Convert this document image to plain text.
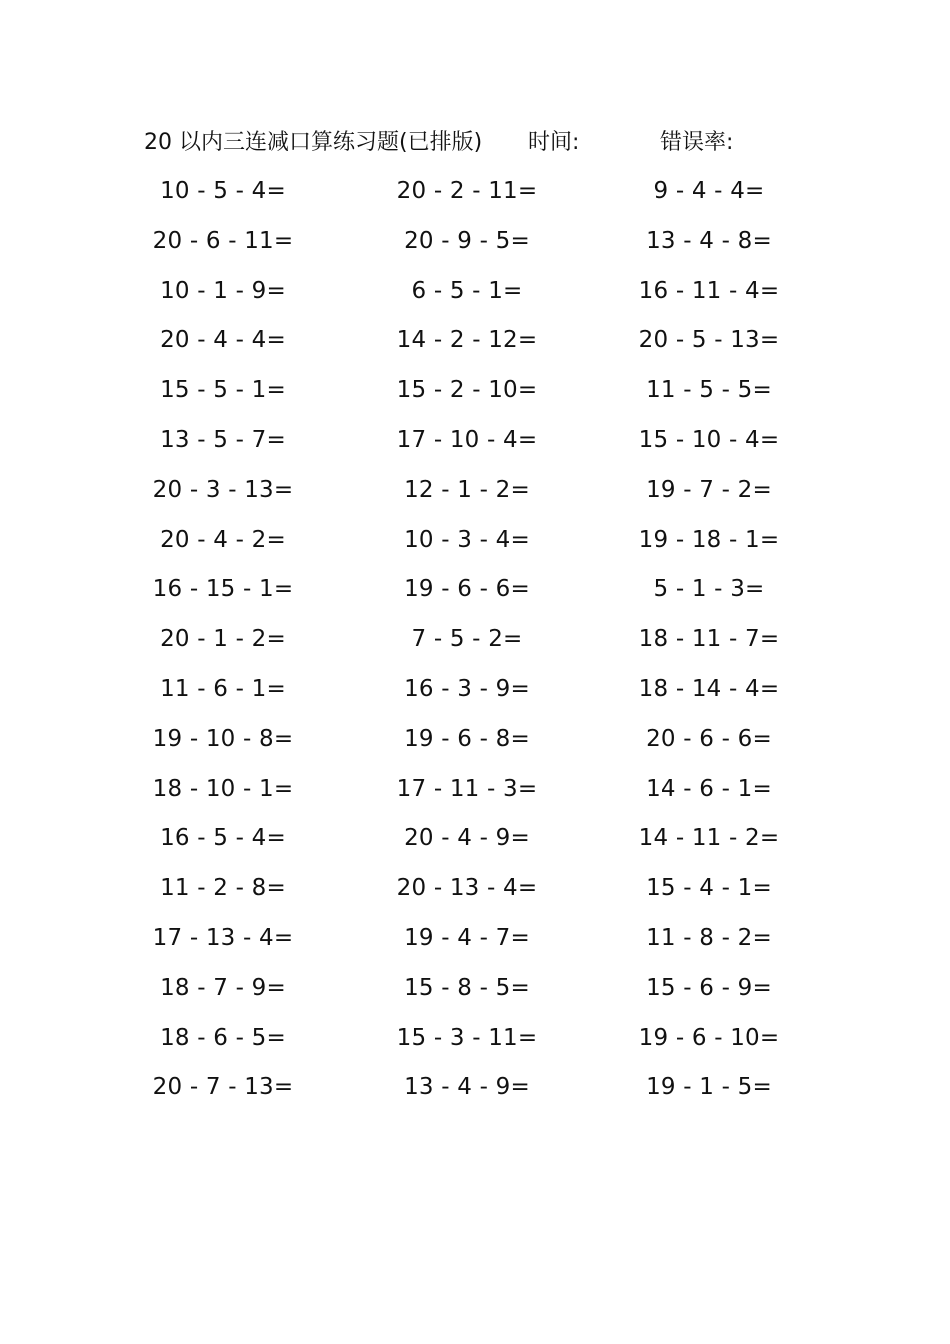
20 以内三连减口算练习题(已排版) 时间:	错误率:
10 - 5 - 4=	20 - 2 - 11=	9 - 4 - 4=
20 - 6 - 11=	20 - 9 - 5=	13 - 4 - 8=
10 - 1 - 9=	6 - 5 - 1=	16 - 11 - 4=
20 - 4 - 4=	14 - 2 - 12=	20 - 5 - 13=
15 - 5 - 1=	15 - 2 - 10=	11 - 5 - 5=
13 - 5 - 7=	17 - 10 - 4=	15 - 10 - 4=
20 - 3 - 13=	12 - 1 - 2=	19 - 7 - 2=
20 - 4 - 2=	10 - 3 - 4=	19 - 18 - 1=
16 - 15 - 1=	19 - 6 - 6=	5 - 1 - 3=
20 - 1 - 2=	7 - 5 - 2=	18 - 11 - 7=
11 - 6 - 1=	16 - 3 - 9=	18 - 14 - 4=
19 - 10 - 8=	19 - 6 - 8=	20 - 6 - 6=
18 - 10 - 1=	17 - 11 - 3=	14 - 6 - 1=
16 - 5 - 4=	20 - 4 - 9=	14 - 11 - 2=
11 - 2 - 8=	20 - 13 - 4=	15 - 4 - 1=
17 - 13 - 4=	19 - 4 - 7=	11 - 8 - 2=
18 - 7 - 9=	15 - 8 - 5=	15 - 6 - 9=
18 - 6 - 5=	15 - 3 - 11=	19 - 6 - 10=
20 - 7 - 13=	13 - 4 - 9=	19 - 1 - 5=
